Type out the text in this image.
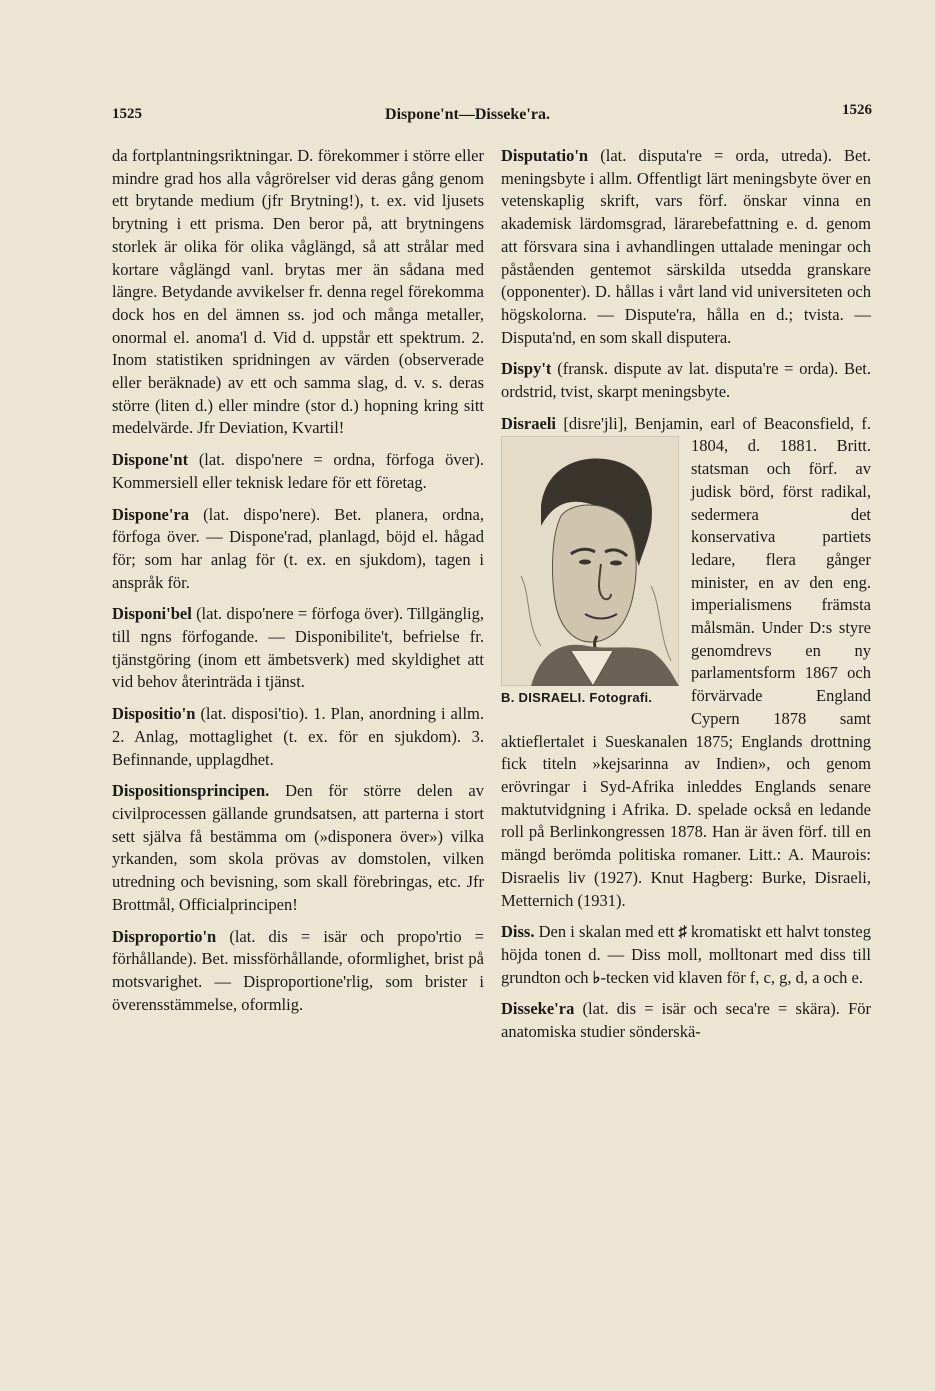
1525	Dispone'nt—Disseke'ra.	1526
da fortplantningsriktningar. D. förekommer i större eller mindre grad hos alla vågrörelser vid deras gång genom ett brytande medium (jfr Brytning!), t. ex. vid ljusets brytning i ett prisma. Den beror på, att brytningens storlek är olika för olika våglängd, så att strålar med kortare våglängd vanl. brytas mer än sådana med längre. Betydande avvikelser fr. denna regel förekomma dock hos en del ämnen ss. jod och många metaller, onormal el. anoma'l d. Vid d. uppstår ett spektrum. 2. Inom statistiken spridningen av värden (observerade eller beräknade) av ett och samma slag, d. v. s. deras större (liten d.) eller mindre (stor d.) hopning kring sitt medelvärde. Jfr Deviation, Kvartil!

Dispone'nt (lat. dispo'nere = ordna, förfoga över). Kommersiell eller teknisk ledare för ett företag.

Dispone'ra (lat. dispo'nere). Bet. planera, ordna, förfoga över. — Dispone'rad, planlagd, böjd el. hågad för; som har anlag för (t. ex. en sjukdom), tagen i anspråk för.

Disponi'bel (lat. dispo'nere = förfoga över). Tillgänglig, till ngns förfogande. — Disponibilite't, befrielse fr. tjänstgöring (inom ett ämbetsverk) med skyldighet att vid behov återinträda i tjänst.

Dispositio'n (lat. disposi'tio). 1. Plan, anordning i allm. 2. Anlag, mottaglighet (t. ex. för en sjukdom). 3. Befinnande, upplagdhet.

Dispositionsprincipen. Den för större delen av civilprocessen gällande grundsatsen, att parterna i stort sett själva få bestämma om (»disponera över») vilka yrkanden, som skola prövas av domstolen, vilken utredning och bevisning, som skall förebringas, etc. Jfr Brottmål, Officialprincipen!

Disproportio'n (lat. dis = isär och propo'rtio = förhållande). Bet. missförhållande, oformlighet, brist på motsvarighet. — Disproportione'rlig, som brister i överensstämmelse, oformlig.

Disputatio'n (lat. disputa're = orda, utreda). Bet. meningsbyte i allm. Offentligt lärt meningsbyte över en vetenskaplig skrift, vars förf. önskar vinna en akademisk lärdomsgrad, lärarebefattning e. d. genom att försvara sina i avhandlingen uttalade meningar och påståenden gentemot särskilda utsedda granskare (opponenter). D. hållas i vårt land vid universiteten och högskolorna. — Dispute'ra, hålla en d.; tvista. — Disputa'nd, en som skall disputera.

Dispy't (fransk. dispute av lat. disputa're = orda). Bet. ordstrid, tvist, skarpt meningsbyte.

Disraeli [disre'jli], Benjamin, earl of Beaconsfield, f. 1804, d. 1881. Britt.
B. DISRAELI. Fotografi.
statsman och förf. av judisk börd, först radikal, sedermera det konservativa partiets ledare, flera gånger minister, en av den eng. imperialismens främsta målsmän. Under D:s styre genomdrevs en ny parlamentsform 1867 och förvärvade England Cypern 1878 samt aktieflertalet i Sueskanalen 1875; Englands drottning fick titeln »kejsarinna av Indien», och genom erövringar i Syd-Afrika inleddes Englands senare maktutvidgning i Afrika. D. spelade också en ledande roll på Berlinkongressen 1878. Han är även förf. till en mängd berömda politiska romaner. Litt.: A. Maurois: Disraelis liv (1927). Knut Hagberg: Burke, Disraeli, Metternich (1931).

Diss. Den i skalan med ett ♯ kromatiskt ett halvt tonsteg höjda tonen d. — Diss moll, molltonart med diss till grundton och ♭-tecken vid klaven för f, c, g, d, a och e.

Disseke'ra (lat. dis = isär och seca're = skära). För anatomiska studier sönderskä-
